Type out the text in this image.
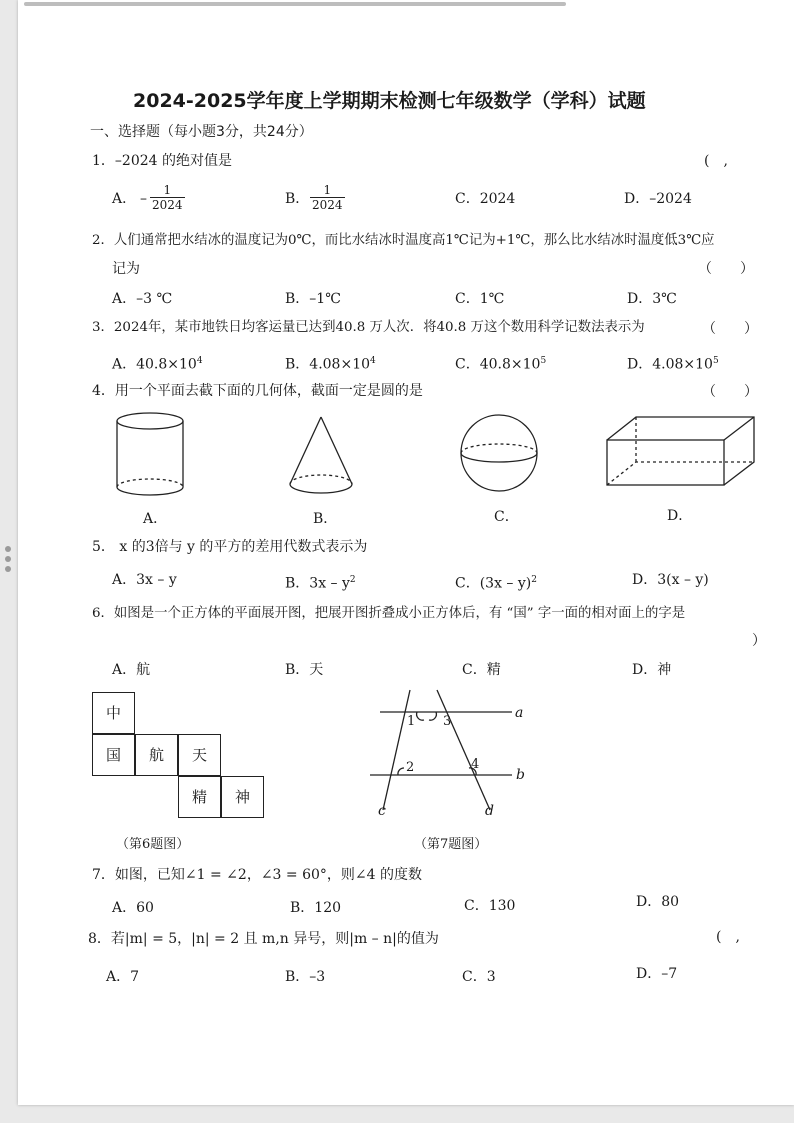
2024-2025学年度上学期期末检测七年级数学（学科）试题
一、选择题（每小题3分，共24分）
1．–2024 的绝对值是	(　,
A． – $\frac{1}{2024}$	B． $\frac{1}{2024}$	C．2024	D．–2024
2．人们通常把水结冰的温度记为0℃，而比水结冰时温度高1℃记为+1℃，那么比水结冰时温度低3℃应
记为	（　　）
A．–3 ℃	B．–1℃	C．1℃	D．3℃
3．2024年，某市地铁日均客运量已达到40.8 万人次．将40.8 万这个数用科学记数法表示为	（　　）
A．$40.8\times 10^4$	B．$4.08\times 10^4$	C．$40.8\times 10^5$	D．$4.08\times 10^5$
4．用一个平面去截下面的几何体，截面一定是圆的是	（　　）
A．	B．	C．	D．
5． x 的3倍与 y 的平方的差用代数式表示为
A．3x – y	B．$3x - y^2$	C．(3x – y)$^2$	D．3(x – y)
6．如图是一个正方体的平面展开图，把展开图折叠成小正方体后，有 “国” 字一面的相对面上的字是
）
A．航	B．天	C．精	D．神
中
国	航	天
精	神
（第6题图）
1 3
2	4
a
b
c	d
（第7题图）
7．如图，已知∠1 = ∠2，∠3 = 60°，则∠4 的度数
A．60	B．120	C．130	D．80
8．若|m| = 5，|n| = 2 且 m,n 异号，则|m – n|的值为	(　,
A．7	B．–3	C．3	D．–7
